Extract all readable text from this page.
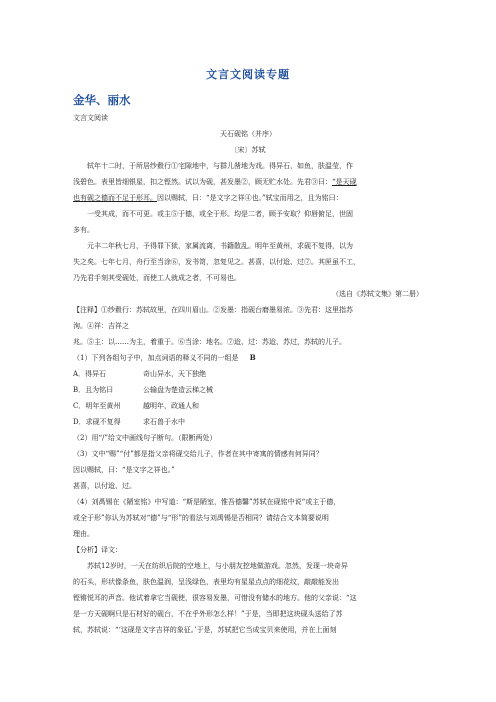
文言文阅读专题
金华、丽水
文言文阅读
天石砚铭（并序）
〔宋〕苏轼
轼年十二时，于所居纱縠行①宅隙地中，与群儿凿地为戏。得异石，如鱼，肤温莹，作
浅碧色。表里皆细银星，扣之铿然。试以为砚，甚发墨②，顾无贮水处。先君③曰：“是天砚
也有砚之德而不足于形耳。因以赐轼，曰：“是文字之祥④也。”轼宝而用之，且为铭曰：
一受其成，而不可更。或主⑤于德，或全于形。均是二者，顾予安取？仰唇俯足，世固
多有。
元丰二年秋七月，予得罪下狱，家属流离，书籍散乱。明年至黄州，求砚不复得，以为
失之矣。七年七月，舟行至当涂⑥，发书笥，忽复见之。甚喜，以付迨、过⑦。其匣虽不工，
乃先君手刻其受砚处，而使工人就成之者，不可易也。
（选自《苏轼文集》第二册）
【注释】①纱縠行：苏轼故里，在四川眉山。②发墨：指砚台磨墨易浓。③先君：这里指苏
洵。④祥：吉祥之
兆。⑤主：以……为主，着重于。⑥当涂：地名。⑦迨、过：苏迨、苏过，苏轼的儿子。
（1）下列各组句子中，加点词语的释义不同的一组是 B
A．得异石	奇山异水，天下独绝
B．且为铭曰	公输盘为楚造云梯之械
C．明年至黄州	越明年，政通人和
D．求砚不复得	求石兽于水中
（2）用“/”给文中画线句子断句。（限断两处）
（3）文中“赐”“付”都是指父亲将砚交给儿子，作者在其中寄寓的情感有何异同？
因以赐轼，曰：“是文字之祥也。”
甚喜，以付迨、过。
（4）刘禹锡在《陋室铭》中写道：“斯是陋室，惟吾德馨”苏轼在砚铭中说“或主于德，
或全于形”你认为苏轼对“德”与“形”的看法与刘禹锡是否相同？请结合文本简要说明
理由。
【分析】译文：
苏轼12岁时，一天在纺织后院的空地上，与小朋友挖地做游戏。忽然，发现一块奇异
的石头，形状像条鱼，肤色温润，呈浅绿色，表里均有星星点点的细花纹，敲敲能发出
铿锵悦耳的声音。他试着拿它当砚使，很容易发墨，可惜没有储水的地方。他的父亲说：“这
是一方天砚啊只是石材好的砚台，不在乎外形怎么样！”于是，当即把这块砚头送给了苏
轼，苏轼说：“‘这砚是文字吉祥的象征。’于是，苏轼把它当成宝贝来使用，并在上面刻
